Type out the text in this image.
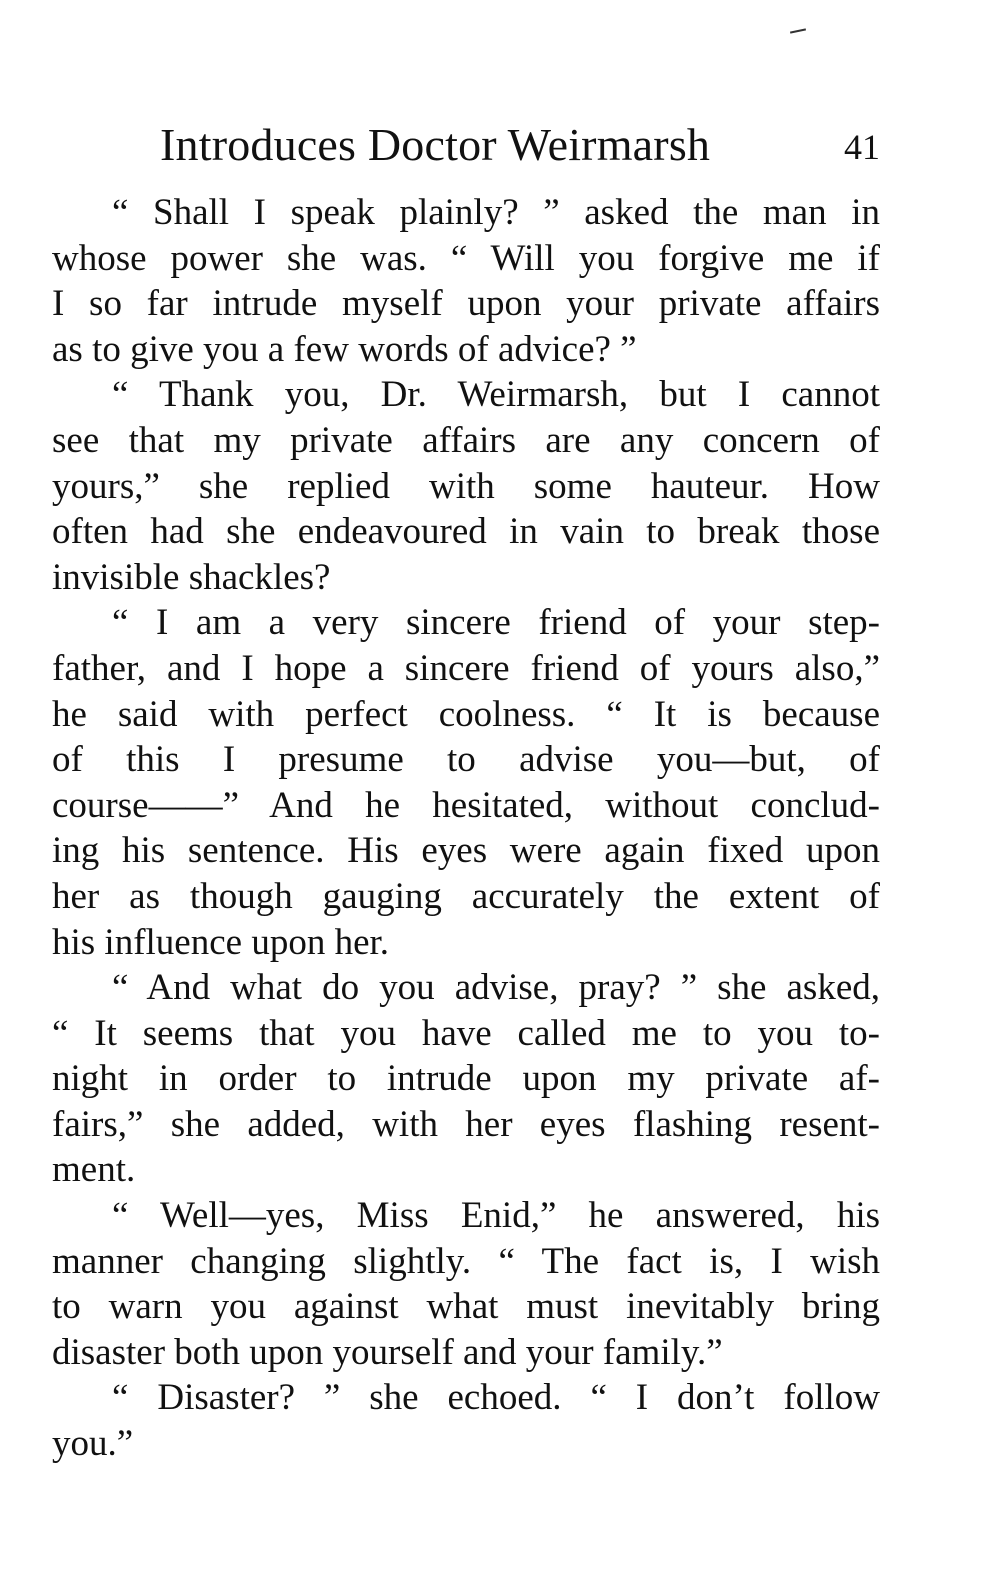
Introduces Doctor Weirmarsh	41
“ Shall I speak plainly? ” asked the man in
whose power she was. “ Will you forgive me if
I so far intrude myself upon your private affairs
as to give you a few words of advice? ”
“ Thank you, Dr. Weirmarsh, but I cannot
see that my private affairs are any concern of
yours,” she replied with some hauteur. How
often had she endeavoured in vain to break those
invisible shackles?
“ I am a very sincere friend of your step-
father, and I hope a sincere friend of yours also,”
he said with perfect coolness. “ It is because
of this I presume to advise you—but, of
course——” And he hesitated, without conclud-
ing his sentence. His eyes were again fixed upon
her as though gauging accurately the extent of
his influence upon her.
“ And what do you advise, pray? ” she asked,
“ It seems that you have called me to you to-
night in order to intrude upon my private af-
fairs,” she added, with her eyes flashing resent-
ment.
“ Well—yes, Miss Enid,” he answered, his
manner changing slightly. “ The fact is, I wish
to warn you against what must inevitably bring
disaster both upon yourself and your family.”
“ Disaster? ” she echoed. “ I don’t follow
you.”
